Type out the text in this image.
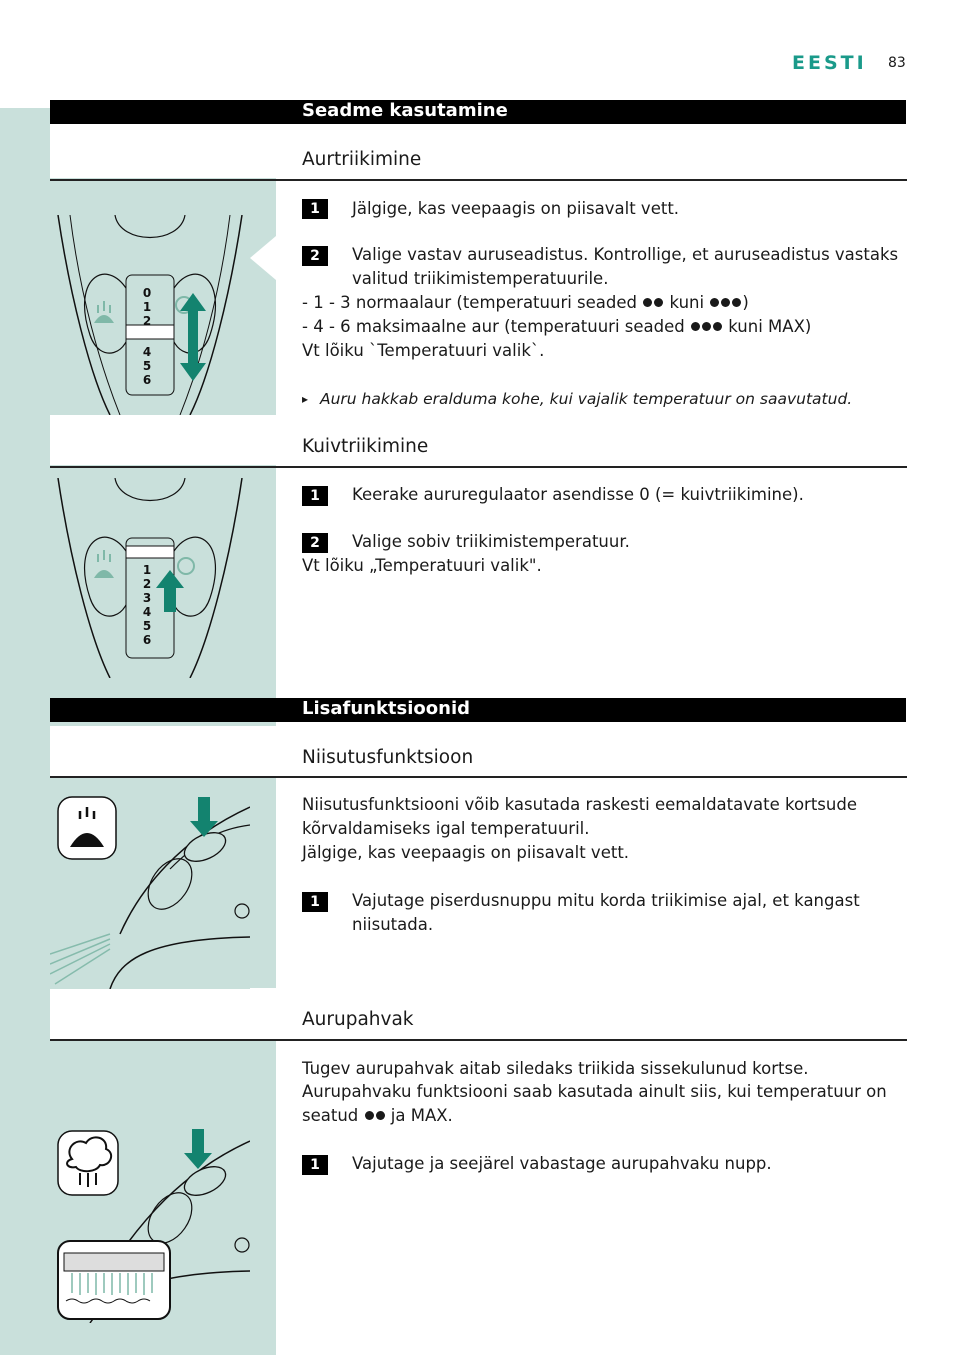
EESTI 83
Seadme kasutamine
Aurtriikimine
0
1
2
4
5
6
1	Jälgige, kas veepaagis on piisavalt vett.
2	Valige vastav auruseadistus. Kontrollige, et auruseadistus vastaks valitud triikimistemperatuurile.
- 1 - 3 normaalaur (temperatuuri seaded kuni )
- 4 - 6 maksimaalne aur (temperatuuri seaded	kuni MAX)
Vt lõiku `Temperatuuri valik`.
▸ Auru hakkab eralduma kohe, kui vajalik temperatuur on saavutatud.
Kuivtriikimine
1
2
3
4
5
6
1	Keerake aururegulaator asendisse 0 (= kuivtriikimine).
2	Valige sobiv triikimistemperatuur.
Vt lõiku „Temperatuuri valik".
Lisafunktsioonid
Niisutusfunktsioon
Niisutusfunktsiooni võib kasutada raskesti eemaldatavate kortsude
kõrvaldamiseks igal temperatuuril.
Jälgige, kas veepaagis on piisavalt vett.
1	Vajutage piserdusnuppu mitu korda triikimise ajal, et kangast niisutada.
Aurupahvak
Tugev aurupahvak aitab siledaks triikida sissekulunud kortse.
Aurupahvaku funktsiooni saab kasutada ainult siis, kui temperatuur on
seatud ja MAX.
1	Vajutage ja seejärel vabastage aurupahvaku nupp.
